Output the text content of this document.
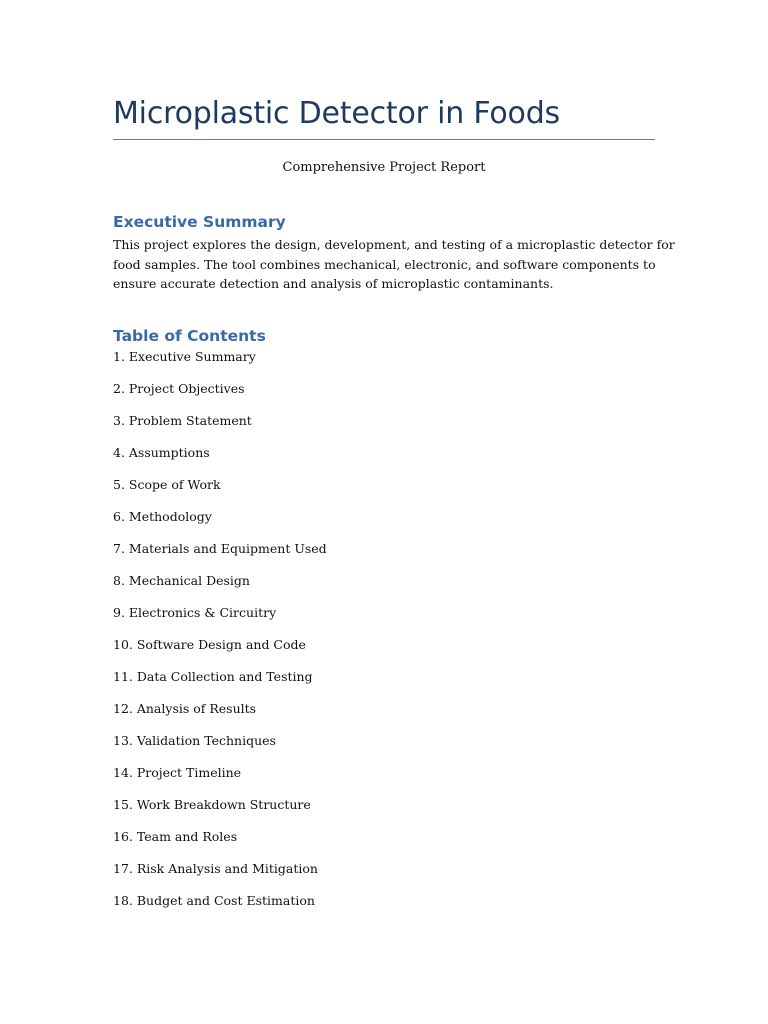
Microplastic Detector in Foods
Comprehensive Project Report
Executive Summary
This project explores the design, development, and testing of a microplastic detector for
food samples. The tool combines mechanical, electronic, and software components to
ensure accurate detection and analysis of microplastic contaminants.
Table of Contents
1. Executive Summary
2. Project Objectives
3. Problem Statement
4. Assumptions
5. Scope of Work
6. Methodology
7. Materials and Equipment Used
8. Mechanical Design
9. Electronics & Circuitry
10. Software Design and Code
11. Data Collection and Testing
12. Analysis of Results
13. Validation Techniques
14. Project Timeline
15. Work Breakdown Structure
16. Team and Roles
17. Risk Analysis and Mitigation
18. Budget and Cost Estimation
